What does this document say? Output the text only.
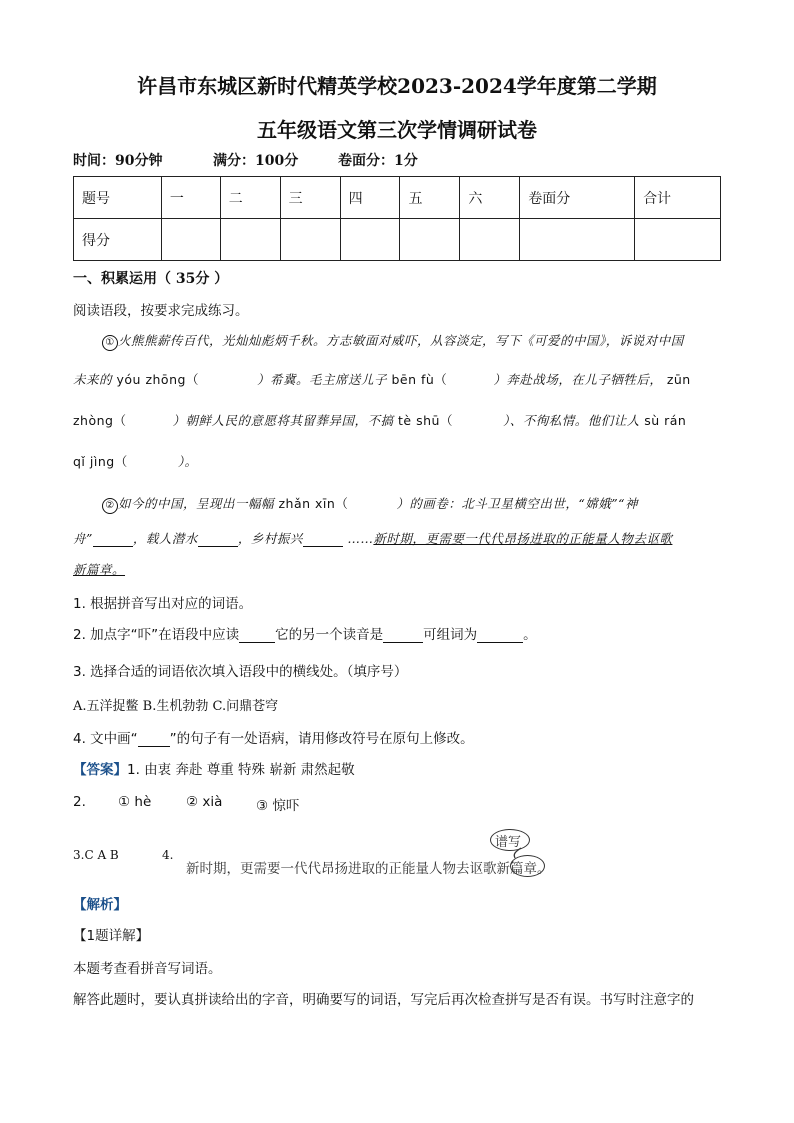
许昌市东城区新时代精英学校2023-2024学年度第二学期
五年级语文第三次学情调研试卷
时间：90分钟	满分：100分	卷面分：1分
题号	一	二	三	四	五	六	卷面分	合计
得分								
一、积累运用（ 35分 ）
阅读语段，按要求完成练习。
① 火熊熊薪传百代，光灿灿彪炳千秋。方志敏面对威吓，从容淡定，写下《可爱的中国》，诉说对中国
未来的 yóu zhōng（	）希冀。毛主席送儿子 bēn fù（	）奔赴战场，在儿子牺牲后， zūn
zhòng（	）朝鲜人民的意愿将其留葬异国，不搞 tè shū（	）、不徇私情。他们让人 sù rán
qǐ jìng（	）。
② 如今的中国，呈现出一幅幅 zhǎn xīn（	）的画卷：北斗卫星横空出世，“嫦娥”“神
舟”	，载人潜水	，乡村振兴	……新时期，更需要一代代昂扬进取的正能量人物去讴歌
新篇章。
1. 根据拼音写出对应的词语。
2. 加点字“吓”在语段中应读	它的另一个读音是	可组词为	。
3. 选择合适的词语依次填入语段中的横线处。（填序号）
A.五洋捉鳖 B.生机勃勃 C.问鼎苍穹
4. 文中画“ ”的句子有一处语病，请用修改符号在原句上修改。
【答案】1. 由衷 奔赴 尊重 特殊 崭新 肃然起敬
2. ① hè	② xià ③ 惊吓
3.C A B	4.
新时期，更需要一代代昂扬进取的正能量人物去讴歌新篇章。
谱写
【解析】
【1题详解】
本题考查看拼音写词语。
解答此题时，要认真拼读给出的字音，明确要写的词语，写完后再次检查拼写是否有误。书写时注意字的
